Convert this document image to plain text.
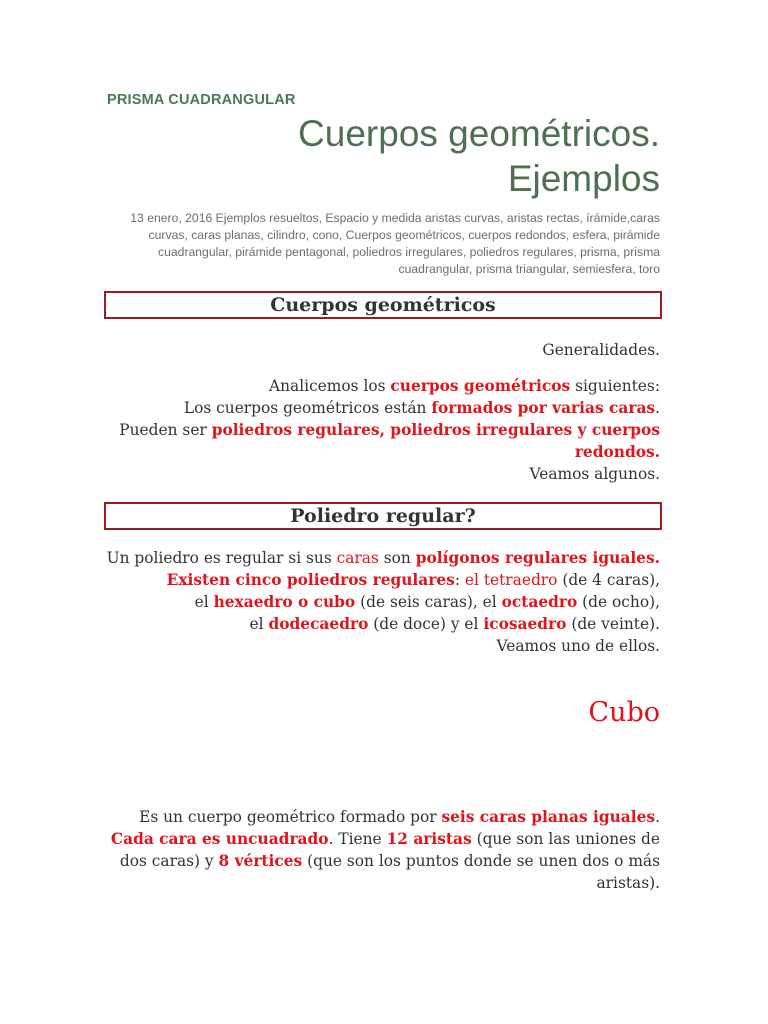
PRISMA CUADRANGULAR
Cuerpos geométricos.
Ejemplos
13 enero, 2016 Ejemplos resueltos, Espacio y medida aristas curvas, aristas rectas, írámide,caras curvas, caras planas, cilindro, cono, Cuerpos geométricos, cuerpos redondos, esfera, pirámide cuadrangular, pirámide pentagonal, poliedros irregulares, poliedros regulares, prisma, prisma cuadrangular, prisma triangular, semiesfera, toro
Cuerpos geométricos
Generalidades.
Analicemos los cuerpos geométricos siguientes:
Los cuerpos geométricos están formados por varias caras.
Pueden ser poliedros regulares, poliedros irregulares y cuerpos redondos.
Veamos algunos.
Poliedro regular?
Un poliedro es regular si sus caras son polígonos regulares iguales.
Existen cinco poliedros regulares: el tetraedro (de 4 caras),
el hexaedro o cubo (de seis caras), el octaedro (de ocho),
el dodecaedro (de doce) y el icosaedro (de veinte).
Veamos uno de ellos.
Cubo
Es un cuerpo geométrico formado por seis caras planas iguales. Cada cara es uncuadrado. Tiene 12 aristas (que son las uniones de dos caras) y 8 vértices (que son los puntos donde se unen dos o más aristas).
